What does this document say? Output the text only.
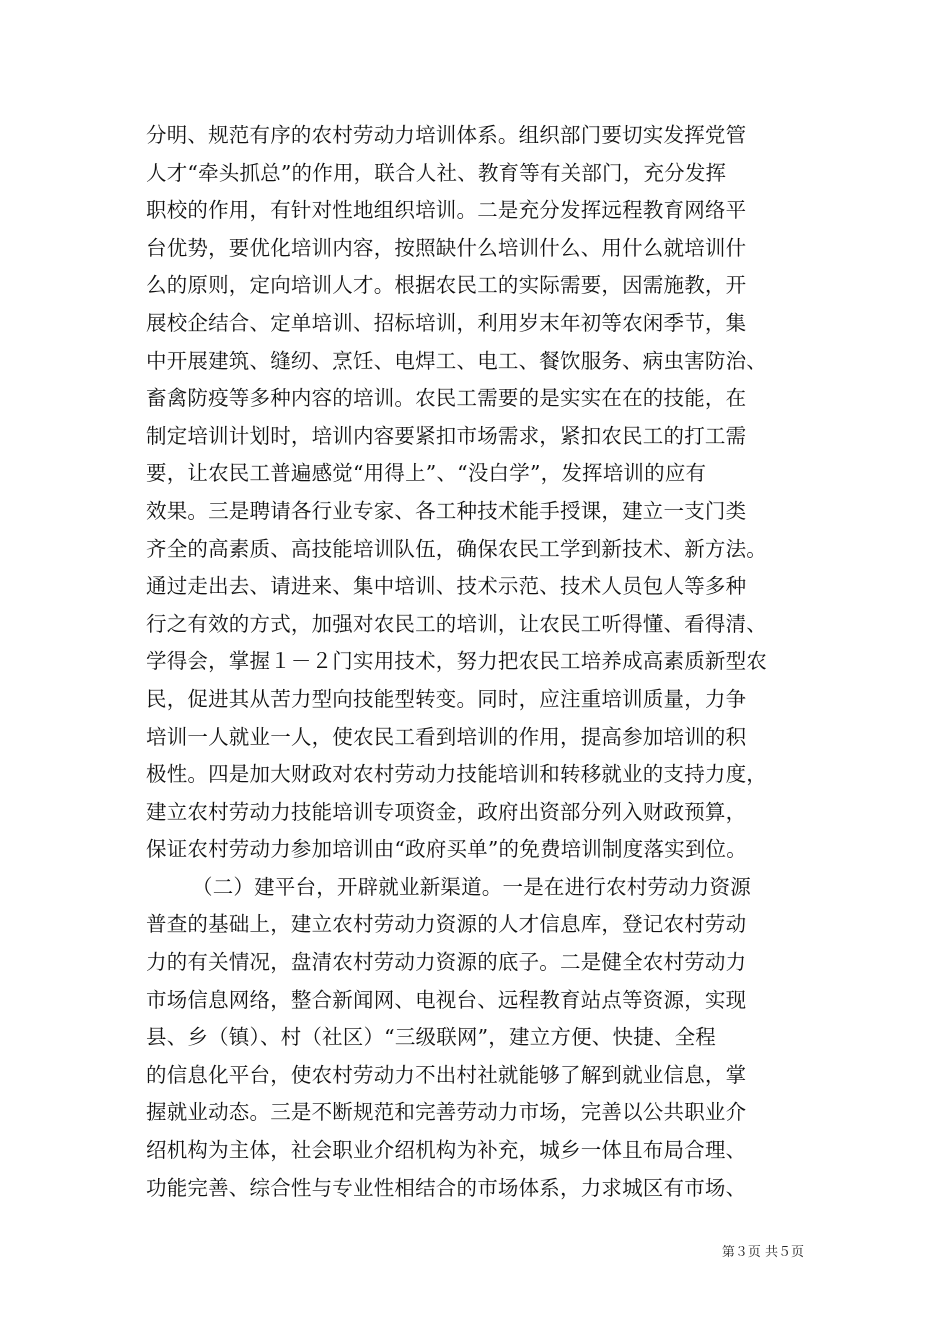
分明、规范有序的农村劳动力培训体系。组织部门要切实发挥党管
人才“牵头抓总”的作用，联合人社、教育等有关部门，充分发挥
职校的作用，有针对性地组织培训。二是充分发挥远程教育网络平
台优势，要优化培训内容，按照缺什么培训什么、用什么就培训什
么的原则，定向培训人才。根据农民工的实际需要，因需施教，开
展校企结合、定单培训、招标培训，利用岁末年初等农闲季节，集
中开展建筑、缝纫、烹饪、电焊工、电工、餐饮服务、病虫害防治、
畜禽防疫等多种内容的培训。农民工需要的是实实在在的技能，在
制定培训计划时，培训内容要紧扣市场需求，紧扣农民工的打工需
要，让农民工普遍感觉“用得上”、“没白学”，发挥培训的应有
效果。三是聘请各行业专家、各工种技术能手授课，建立一支门类
齐全的高素质、高技能培训队伍，确保农民工学到新技术、新方法。
通过走出去、请进来、集中培训、技术示范、技术人员包人等多种
行之有效的方式，加强对农民工的培训，让农民工听得懂、看得清、
学得会，掌握１－２门实用技术，努力把农民工培养成高素质新型农
民，促进其从苦力型向技能型转变。同时，应注重培训质量，力争
培训一人就业一人，使农民工看到培训的作用，提高参加培训的积
极性。四是加大财政对农村劳动力技能培训和转移就业的支持力度，
建立农村劳动力技能培训专项资金，政府出资部分列入财政预算，
保证农村劳动力参加培训由“政府买单”的免费培训制度落实到位。
（二）建平台，开辟就业新渠道。一是在进行农村劳动力资源
普查的基础上，建立农村劳动力资源的人才信息库，登记农村劳动
力的有关情况，盘清农村劳动力资源的底子。二是健全农村劳动力
市场信息网络，整合新闻网、电视台、远程教育站点等资源，实现
县、乡（镇）、村（社区）“三级联网”，建立方便、快捷、全程
的信息化平台，使农村劳动力不出村社就能够了解到就业信息，掌
握就业动态。三是不断规范和完善劳动力市场，完善以公共职业介
绍机构为主体，社会职业介绍机构为补充，城乡一体且布局合理、
功能完善、综合性与专业性相结合的市场体系，力求城区有市场、
第３页 共５页
